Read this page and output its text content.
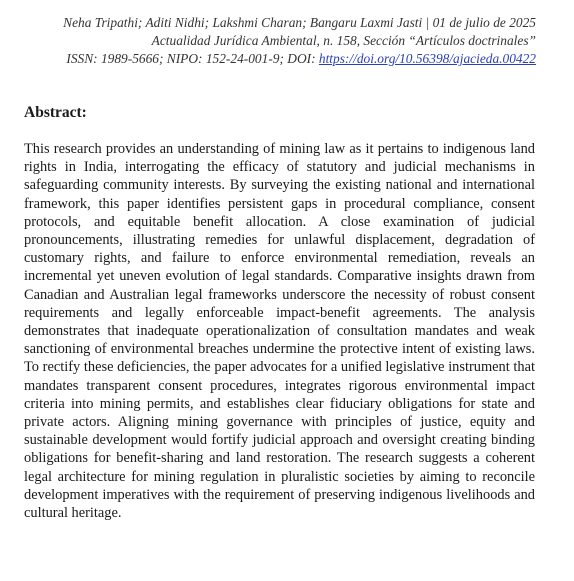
Neha Tripathi; Aditi Nidhi; Lakshmi Charan; Bangaru Laxmi Jasti | 01 de julio de 2025
Actualidad Jurídica Ambiental, n. 158, Sección “Artículos doctrinales”
ISSN: 1989-5666; NIPO: 152-24-001-9; DOI: https://doi.org/10.56398/ajacieda.00422
Abstract:

This research provides an understanding of mining law as it pertains to indigenous land rights in India, interrogating the efficacy of statutory and judicial mechanisms in safeguarding community interests. By surveying the existing national and international framework, this paper identifies persistent gaps in procedural compliance, consent protocols, and equitable benefit allocation. A close examination of judicial pronouncements, illustrating remedies for unlawful displacement, degradation of customary rights, and failure to enforce environmental remediation, reveals an incremental yet uneven evolution of legal standards. Comparative insights drawn from Canadian and Australian legal frameworks underscore the necessity of robust consent requirements and legally enforceable impact-benefit agreements. The analysis demonstrates that inadequate operationalization of consultation mandates and weak sanctioning of environmental breaches undermine the protective intent of existing laws. To rectify these deficiencies, the paper advocates for a unified legislative instrument that mandates transparent consent procedures, integrates rigorous environmental impact criteria into mining permits, and establishes clear fiduciary obligations for state and private actors. Aligning mining governance with principles of justice, equity and sustainable development would fortify judicial approach and oversight creating binding obligations for benefit-sharing and land restoration. The research suggests a coherent legal architecture for mining regulation in pluralistic societies by aiming to reconcile development imperatives with the requirement of preserving indigenous livelihoods and cultural heritage.
